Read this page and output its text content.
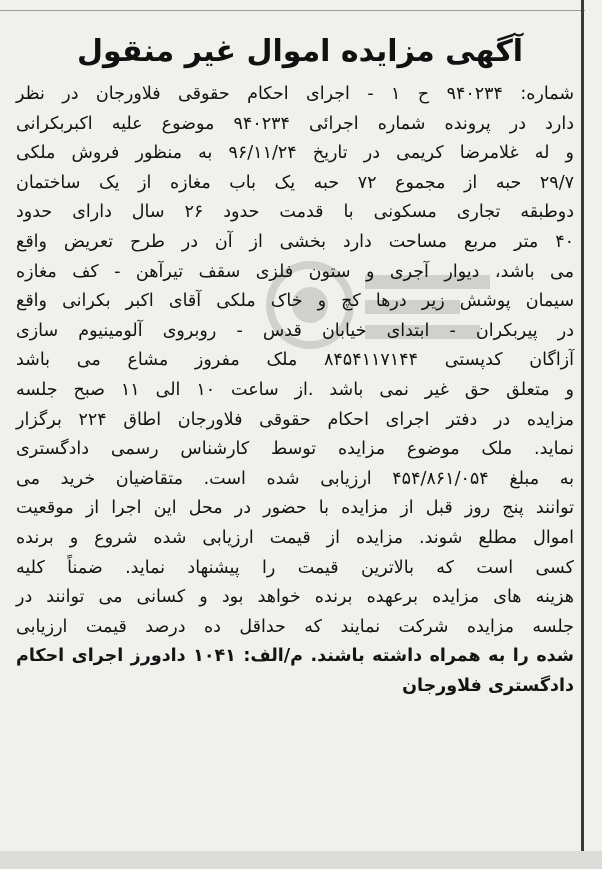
آگهی مزایده اموال غیر منقول
شماره: ۹۴۰۲۳۴ ح ۱ - اجرای احکام حقوقی فلاورجان در نظر
دارد در پرونده شماره اجرائی ۹۴۰۲۳۴ موضوع علیه اکبربکرانی
و له غلامرضا کریمی در تاریخ ۹۶/۱۱/۲۴ به منظور فروش ملکی
۲۹/۷ حبه از مجموع ۷۲ حبه یک باب مغازه از یک ساختمان
دوطبقه تجاری مسکونی با قدمت حدود ۲۶ سال دارای حدود
۴۰ متر مربع مساحت دارد بخشی از آن در طرح تعریض واقع
می باشد، دیوار آجری و ستون فلزی سقف تیرآهن - کف مغازه
سیمان پوشش زیر درها کچ و خاک ملکی آقای اکبر بکرانی واقع
در پیربکران - ابتدای خیابان قدس - روبروی آلومینیوم سازی
آزاگان کدپستی ۸۴۵۴۱۱۷۱۴۴ ملک مفروز مشاع می باشد
و متعلق حق غیر نمی باشد .از ساعت ۱۰ الی ۱۱ صبح جلسه
مزایده در دفتر اجرای احکام حقوقی فلاورجان اطاق ۲۲۴ برگزار
نماید. ملک موضوع مزایده توسط کارشناس رسمی دادگستری
به مبلغ ۴۵۴/۸۶۱/۰۵۴ ارزیابی شده است. متقاضیان خرید می
توانند پنج روز قبل از مزایده با حضور در محل این اجرا از موقعیت
اموال مطلع شوند. مزایده از قیمت ارزیابی شده شروع و برنده
کسی است که بالاترین قیمت را پیشنهاد نماید. ضمناً کلیه
هزینه های مزایده برعهده برنده خواهد بود و کسانی می توانند در
جلسه مزایده شرکت نمایند که حداقل ده درصد قیمت ارزیابی
شده را به همراه داشته باشند. م/الف: ۱۰۴۱ دادورز اجرای احکام
دادگستری فلاورجان
